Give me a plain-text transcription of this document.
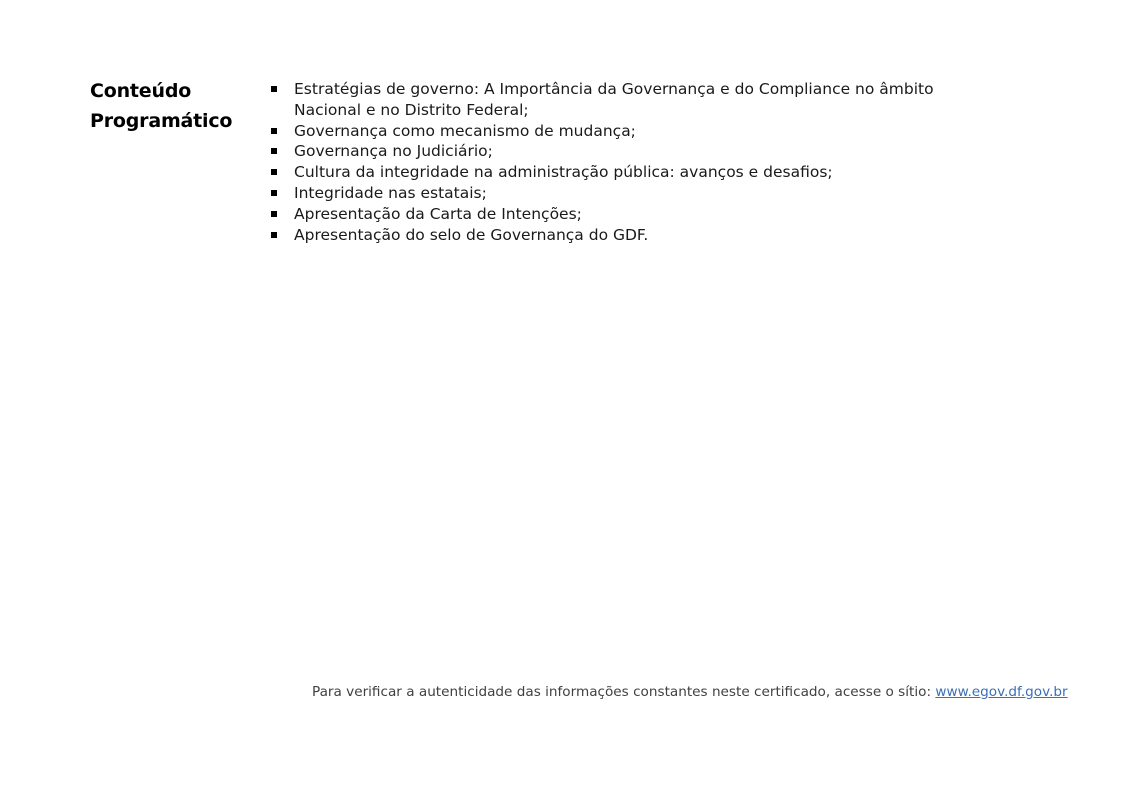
Conteúdo
Programático
Estratégias de governo: A Importância da Governança e do Compliance no âmbito Nacional e no Distrito Federal;
Governança como mecanismo de mudança;
Governança no Judiciário;
Cultura da integridade na administração pública: avanços e desafios;
Integridade nas estatais;
Apresentação da Carta de Intenções;
Apresentação do selo de Governança do GDF.
Para verificar a autenticidade das informações constantes neste certificado, acesse o sítio: www.egov.df.gov.br
